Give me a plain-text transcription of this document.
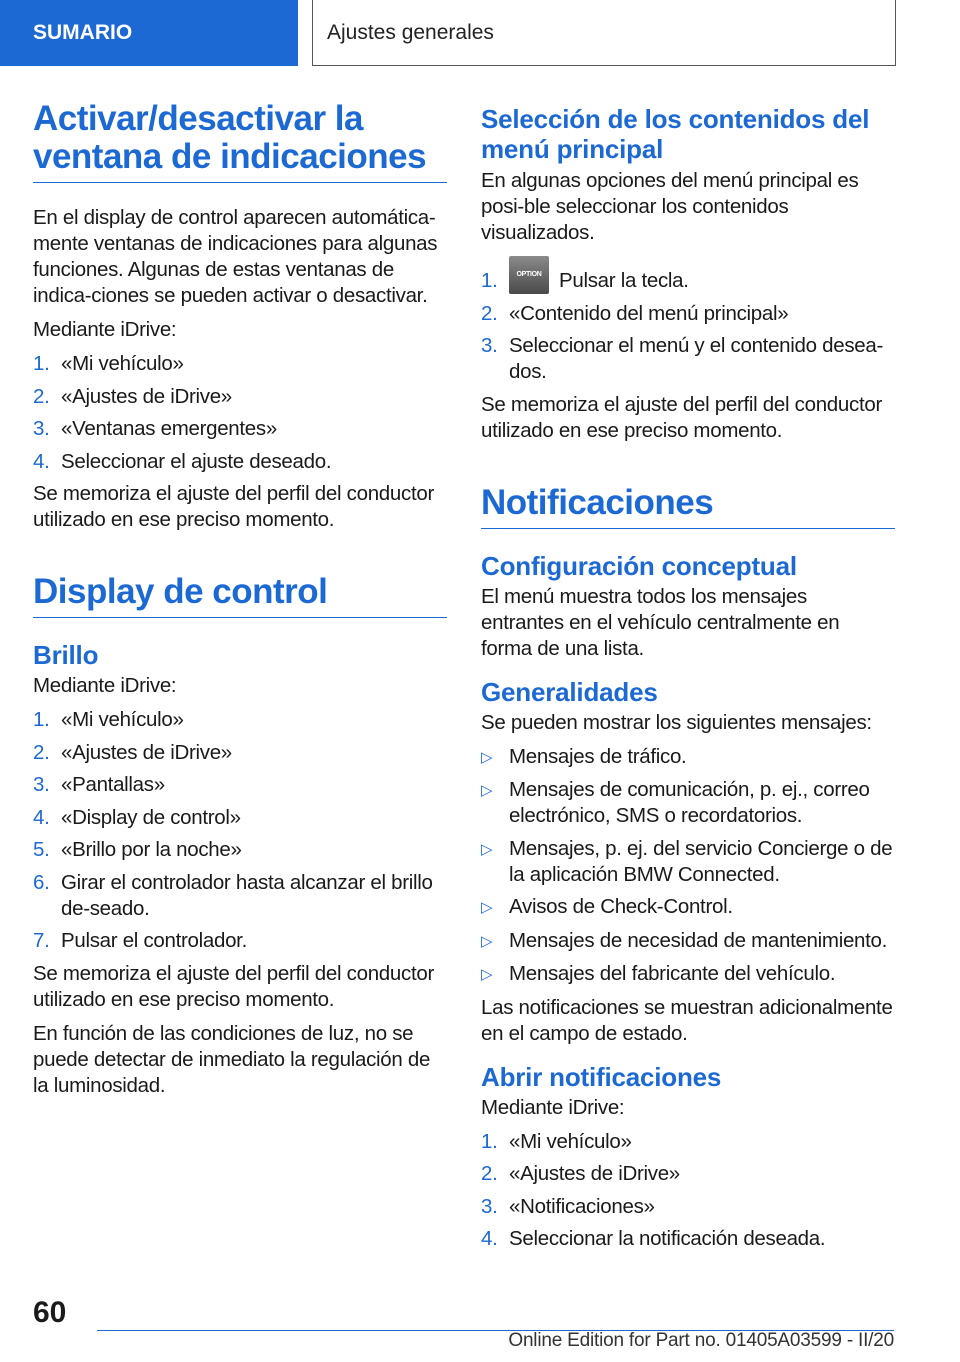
SUMARIO	Ajustes generales
Activar/desactivar la ventana de indicaciones

En el display de control aparecen automática-mente ventanas de indicaciones para algunas funciones. Algunas de estas ventanas de indica-ciones se pueden activar o desactivar.

Mediante iDrive:

1. «Mi vehículo»
2. «Ajustes de iDrive»
3. «Ventanas emergentes»
4. Seleccionar el ajuste deseado.

Se memoriza el ajuste del perfil del conductor utilizado en ese preciso momento.

Display de control
Brillo

Mediante iDrive:

1. «Mi vehículo»
2. «Ajustes de iDrive»
3. «Pantallas»
4. «Display de control»
5. «Brillo por la noche»
6. Girar el controlador hasta alcanzar el brillo de-seado.
7. Pulsar el controlador.

Se memoriza el ajuste del perfil del conductor utilizado en ese preciso momento.

En función de las condiciones de luz, no se puede detectar de inmediato la regulación de la luminosidad.

Selección de los contenidos del menú principal

En algunas opciones del menú principal es posi-ble seleccionar los contenidos visualizados.

1.	OPTION Pulsar la tecla.
2. «Contenido del menú principal»
3. Seleccionar el menú y el contenido desea-dos.

Se memoriza el ajuste del perfil del conductor utilizado en ese preciso momento.

Notificaciones
Configuración conceptual

El menú muestra todos los mensajes entrantes en el vehículo centralmente en forma de una lista.

Generalidades

Se pueden mostrar los siguientes mensajes:

▷ Mensajes de tráfico.
▷ Mensajes de comunicación, p. ej., correo electrónico, SMS o recordatorios.
▷ Mensajes, p. ej. del servicio Concierge o de la aplicación BMW Connected.
▷ Avisos de Check-Control.
▷ Mensajes de necesidad de mantenimiento.
▷ Mensajes del fabricante del vehículo.

Las notificaciones se muestran adicionalmente en el campo de estado.

Abrir notificaciones

Mediante iDrive:

1. «Mi vehículo»
2. «Ajustes de iDrive»
3. «Notificaciones»
4. Seleccionar la notificación deseada.
60
Online Edition for Part no. 01405A03599 - II/20
